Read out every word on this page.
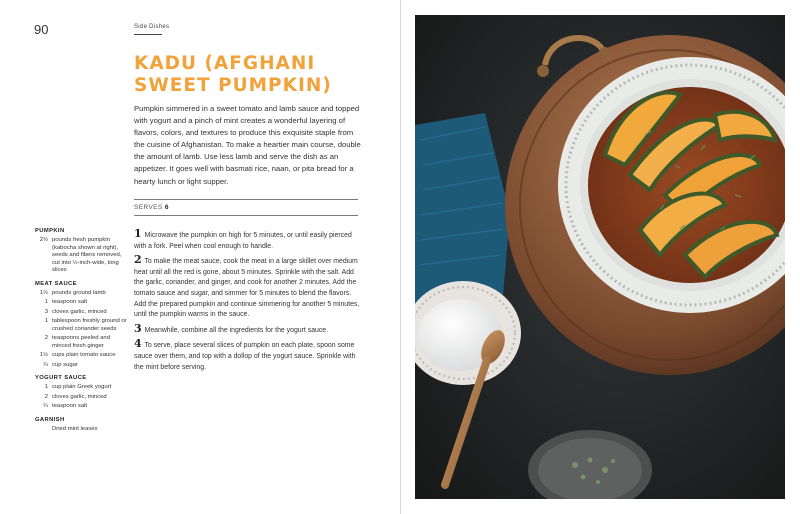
90	Side Dishes
KADU (AFGHANI SWEET PUMPKIN)

Pumpkin simmered in a sweet tomato and lamb sauce and topped with yogurt and a pinch of mint creates a wonderful layering of flavors, colors, and textures to produce this exquisite staple from the cuisine of Afghanistan. To make a heartier main course, double the amount of lamb. Use less lamb and serve the dish as an appetizer. It goes well with basmati rice, naan, or pita bread for a hearty lunch or light supper.

SERVES 6
PUMPKIN
2½ pounds fresh pumpkin (kabocha shown at right), seeds and fibers removed, cut into ½-inch-wide, long slices
MEAT SAUCE
1½ pounds ground lamb
1 teaspoon salt
3 cloves garlic, minced
1 tablespoon freshly ground or crushed coriander seeds
2 teaspoons peeled and minced fresh ginger
1½ cups plain tomato sauce
¼ cup sugar
YOGURT SAUCE
1 cup plain Greek yogurt
2 cloves garlic, minced
¼ teaspoon salt
GARNISH
Dried mint leaves

1 Microwave the pumpkin on high for 5 minutes, or until easily pierced with a fork. Peel when cool enough to handle.

2 To make the meat sauce, cook the meat in a large skillet over medium heat until all the red is gone, about 5 minutes. Sprinkle with the salt. Add the garlic, coriander, and ginger, and cook for another 2 minutes. Add the tomato sauce and sugar, and simmer for 5 minutes to blend the flavors. Add the prepared pumpkin and continue simmering for another 5 minutes, until the pumpkin warms in the sauce.

3 Meanwhile, combine all the ingredients for the yogurt sauce.

4 To serve, place several slices of pumpkin on each plate, spoon some sauce over them, and top with a dollop of the yogurt sauce. Sprinkle with the mint before serving.
